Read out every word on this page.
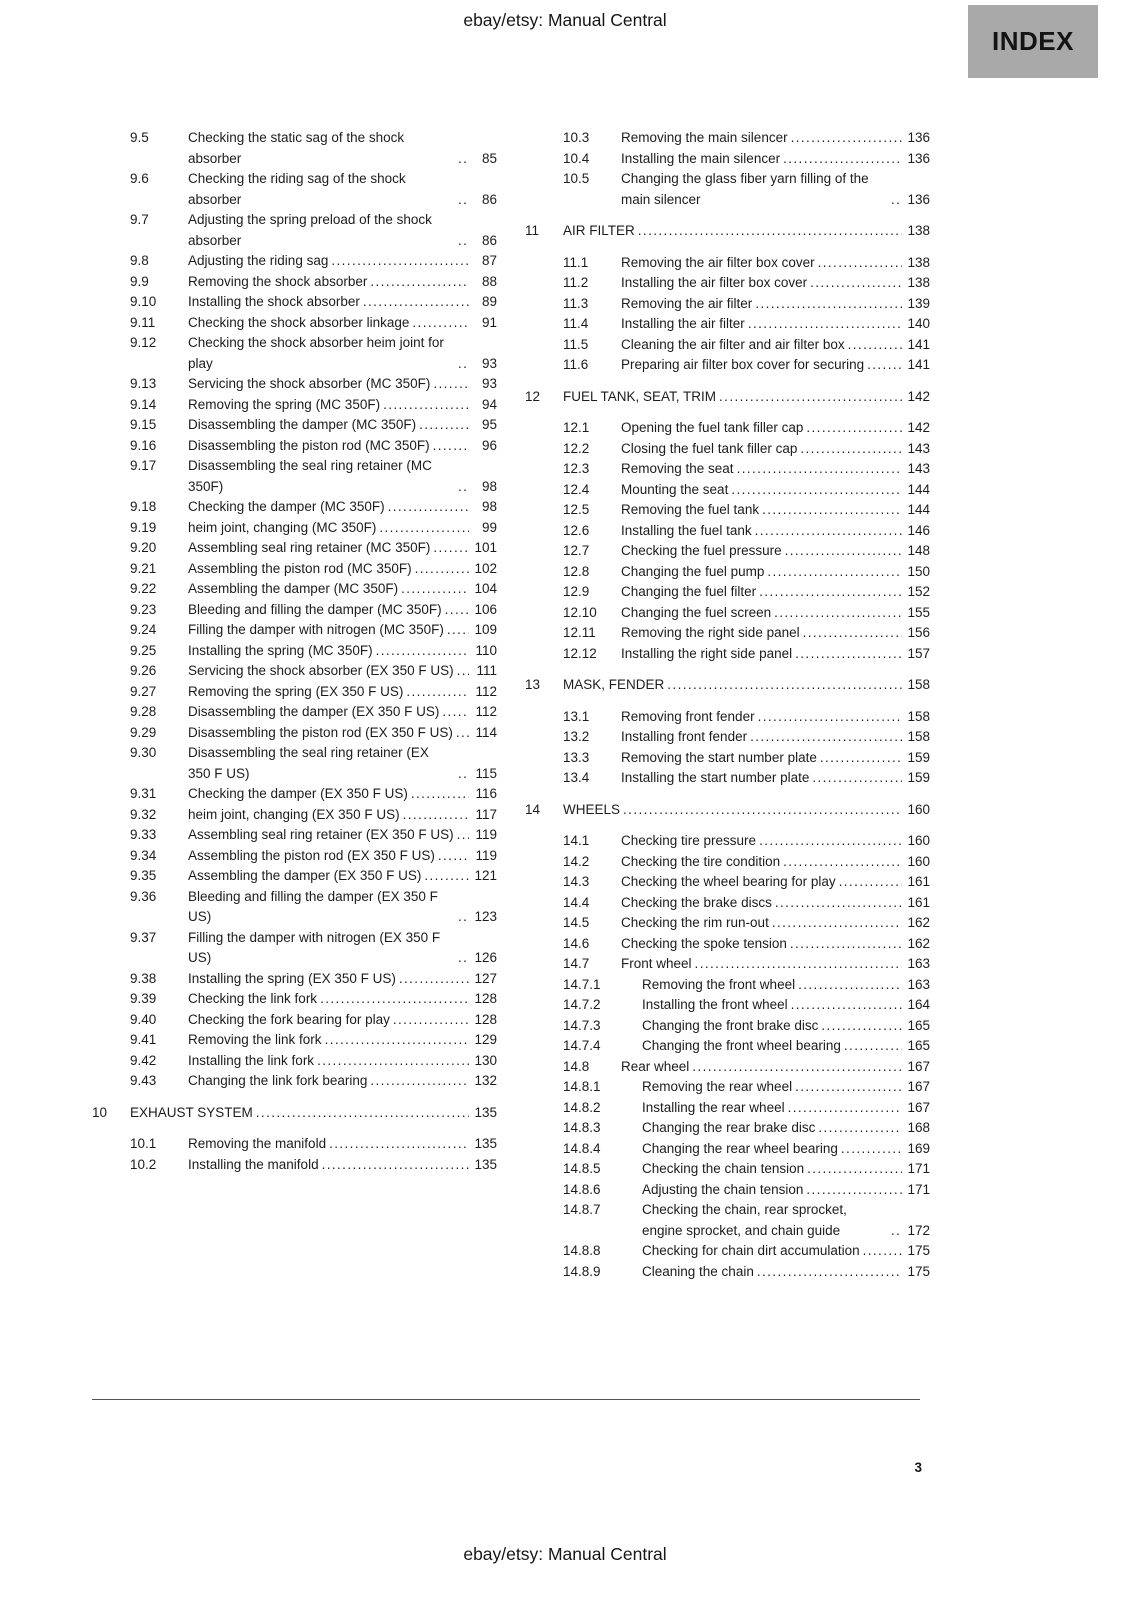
ebay/etsy: Manual Central
INDEX
9.5	Checking the static sag of the shock absorber .....	85
9.6	Checking the riding sag of the shock absorber .....	86
9.7	Adjusting the spring preload of the shock absorber .....	86
9.8	Adjusting the riding sag .....	87
9.9	Removing the shock absorber .....	88
9.10	Installing the shock absorber .....	89
9.11	Checking the shock absorber linkage .....	91
9.12	Checking the shock absorber heim joint for play .....	93
9.13	Servicing the shock absorber (MC 350F) .....	93
9.14	Removing the spring (MC 350F) .....	94
9.15	Disassembling the damper (MC 350F) .....	95
9.16	Disassembling the piston rod (MC 350F) .....	96
9.17	Disassembling the seal ring retainer (MC 350F) .....	98
9.18	Checking the damper (MC 350F) .....	98
9.19	heim joint, changing (MC 350F) .....	99
9.20	Assembling seal ring retainer (MC 350F) .....	101
9.21	Assembling the piston rod (MC 350F) .....	102
9.22	Assembling the damper (MC 350F) .....	104
9.23	Bleeding and filling the damper (MC 350F) .....	106
9.24	Filling the damper with nitrogen (MC 350F) .....	109
9.25	Installing the spring (MC 350F) .....	110
9.26	Servicing the shock absorber (EX 350 F US) .....	111
9.27	Removing the spring (EX 350 F US) .....	112
9.28	Disassembling the damper (EX 350 F US) .....	112
9.29	Disassembling the piston rod (EX 350 F US) .....	114
9.30	Disassembling the seal ring retainer (EX 350 F US) .....	115
9.31	Checking the damper (EX 350 F US) .....	116
9.32	heim joint, changing (EX 350 F US) .....	117
9.33	Assembling seal ring retainer (EX 350 F US) .....	119
9.34	Assembling the piston rod (EX 350 F US) .....	119
9.35	Assembling the damper (EX 350 F US) .....	121
9.36	Bleeding and filling the damper (EX 350 F US) .....	123
9.37	Filling the damper with nitrogen (EX 350 F US) .....	126
9.38	Installing the spring (EX 350 F US) .....	127
9.39	Checking the link fork .....	128
9.40	Checking the fork bearing for play .....	128
9.41	Removing the link fork .....	129
9.42	Installing the link fork .....	130
9.43	Changing the link fork bearing .....	132
10	EXHAUST SYSTEM .....	135
10.1	Removing the manifold .....	135
10.2	Installing the manifold .....	135
10.3	Removing the main silencer .....	136
10.4	Installing the main silencer .....	136
10.5	Changing the glass fiber yarn filling of the main silencer .....	136
11	AIR FILTER .....	138
11.1	Removing the air filter box cover .....	138
11.2	Installing the air filter box cover .....	138
11.3	Removing the air filter .....	139
11.4	Installing the air filter .....	140
11.5	Cleaning the air filter and air filter box .....	141
11.6	Preparing air filter box cover for securing .....	141
12	FUEL TANK, SEAT, TRIM .....	142
12.1	Opening the fuel tank filler cap .....	142
12.2	Closing the fuel tank filler cap .....	143
12.3	Removing the seat .....	143
12.4	Mounting the seat .....	144
12.5	Removing the fuel tank .....	144
12.6	Installing the fuel tank .....	146
12.7	Checking the fuel pressure .....	148
12.8	Changing the fuel pump .....	150
12.9	Changing the fuel filter .....	152
12.10	Changing the fuel screen .....	155
12.11	Removing the right side panel .....	156
12.12	Installing the right side panel .....	157
13	MASK, FENDER .....	158
13.1	Removing front fender .....	158
13.2	Installing front fender .....	158
13.3	Removing the start number plate .....	159
13.4	Installing the start number plate .....	159
14	WHEELS .....	160
14.1	Checking tire pressure .....	160
14.2	Checking the tire condition .....	160
14.3	Checking the wheel bearing for play .....	161
14.4	Checking the brake discs .....	161
14.5	Checking the rim run-out .....	162
14.6	Checking the spoke tension .....	162
14.7	Front wheel .....	163
14.7.1	Removing the front wheel .....	163
14.7.2	Installing the front wheel .....	164
14.7.3	Changing the front brake disc .....	165
14.7.4	Changing the front wheel bearing .....	165
14.8	Rear wheel .....	167
14.8.1	Removing the rear wheel .....	167
14.8.2	Installing the rear wheel .....	167
14.8.3	Changing the rear brake disc .....	168
14.8.4	Changing the rear wheel bearing .....	169
14.8.5	Checking the chain tension .....	171
14.8.6	Adjusting the chain tension .....	171
14.8.7	Checking the chain, rear sprocket, engine sprocket, and chain guide .....	172
14.8.8	Checking for chain dirt accumulation .....	175
14.8.9	Cleaning the chain .....	175
3
ebay/etsy: Manual Central
